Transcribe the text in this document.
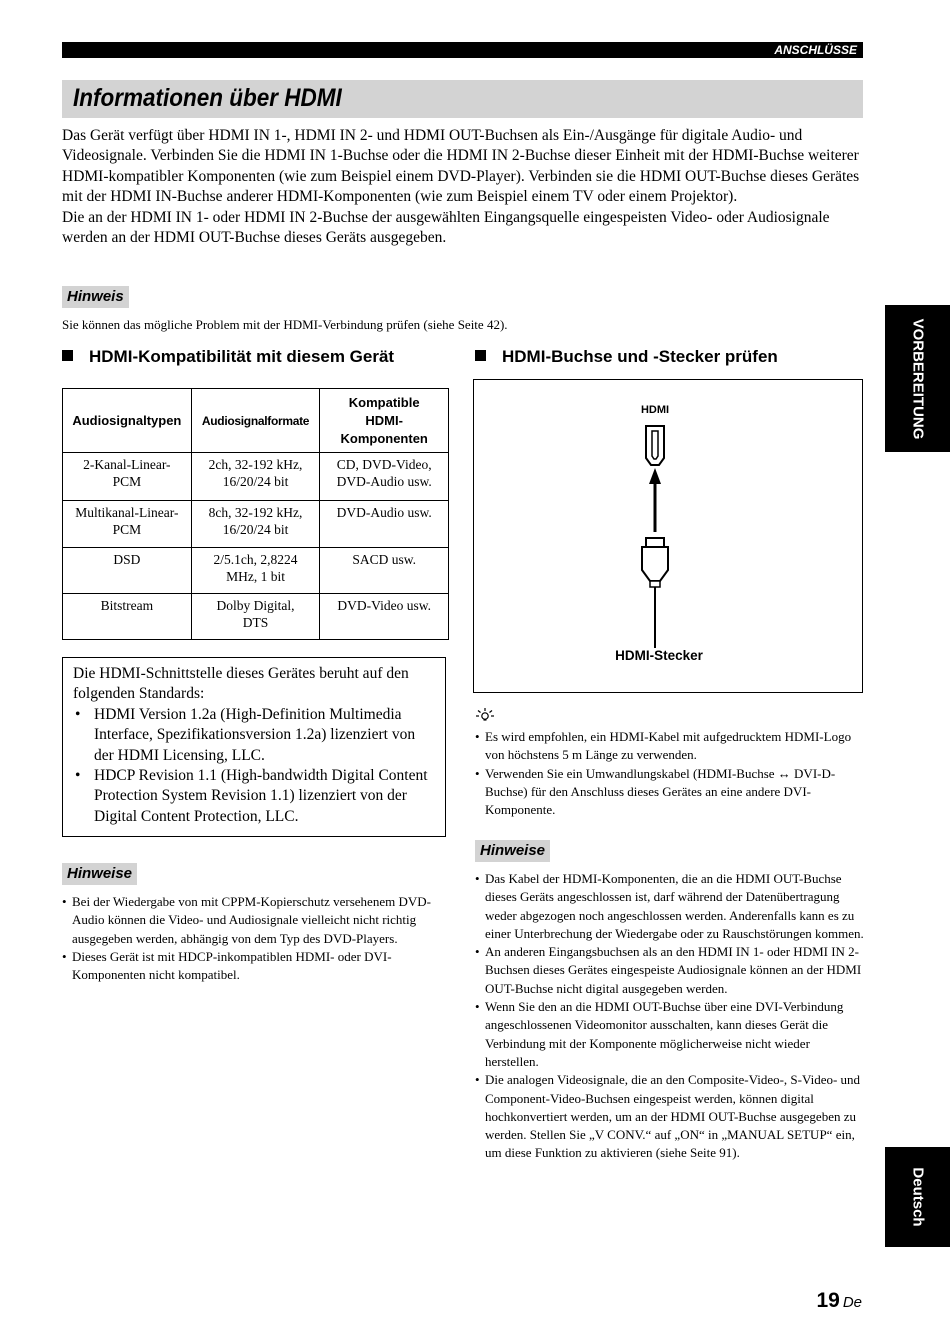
ANSCHLÜSSE
Informationen über HDMI

Das Gerät verfügt über HDMI IN 1-, HDMI IN 2- und HDMI OUT-Buchsen als Ein-/Ausgänge für digitale Audio- und Videosignale. Verbinden Sie die HDMI IN 1-Buchse oder die HDMI IN 2-Buchse dieser Einheit mit der HDMI-Buchse weiterer HDMI-kompatibler Komponenten (wie zum Beispiel einem DVD-Player). Verbinden sie die HDMI OUT-Buchse dieses Gerätes mit der HDMI IN-Buchse anderer HDMI-Komponenten (wie zum Beispiel einem TV oder einem Projektor).

Die an der HDMI IN 1- oder HDMI IN 2-Buchse der ausgewählten Eingangsquelle eingespeisten Video- oder Audiosignale werden an der HDMI OUT-Buchse dieses Geräts ausgegeben.

Hinweis
Sie können das mögliche Problem mit der HDMI-Verbindung prüfen (siehe Seite 42).
HDMI-Kompatibilität mit diesem Gerät
Audiosignaltypen	Audiosignalformate	Kompatible HDMI-Komponenten
2-Kanal-Linear-PCM	2ch, 32-192 kHz, 16/20/24 bit	CD, DVD-Video, DVD-Audio usw.
Multikanal-Linear-PCM	8ch, 32-192 kHz, 16/20/24 bit	DVD-Audio usw.
DSD	2/5.1ch, 2,8224 MHz, 1 bit	SACD usw.
Bitstream	Dolby Digital, DTS	DVD-Video usw.
Die HDMI-Schnittstelle dieses Gerätes beruht auf den folgenden Standards:
• HDMI Version 1.2a (High-Definition Multimedia Interface, Spezifikationsversion 1.2a) lizenziert von der HDMI Licensing, LLC.
• HDCP Revision 1.1 (High-bandwidth Digital Content Protection System Revision 1.1) lizenziert von der Digital Content Protection, LLC.
Hinweise
• Bei der Wiedergabe von mit CPPM-Kopierschutz versehenem DVD-Audio können die Video- und Audiosignale vielleicht nicht richtig ausgegeben werden, abhängig von dem Typ des DVD-Players.
• Dieses Gerät ist mit HDCP-inkompatiblen HDMI- oder DVI-Komponenten nicht kompatibel.
HDMI-Buchse und -Stecker prüfen
HDMI
HDMI-Stecker
• Es wird empfohlen, ein HDMI-Kabel mit aufgedrucktem HDMI-Logo von höchstens 5 m Länge zu verwenden.
• Verwenden Sie ein Umwandlungskabel (HDMI-Buchse ↔ DVI-D-Buchse) für den Anschluss dieses Gerätes an eine andere DVI-Komponente.
Hinweise
• Das Kabel der HDMI-Komponenten, die an die HDMI OUT-Buchse dieses Geräts angeschlossen ist, darf während der Datenübertragung weder abgezogen noch angeschlossen werden. Anderenfalls kann es zu einer Unterbrechung der Wiedergabe oder zu Rauschstörungen kommen.
• An anderen Eingangsbuchsen als an den HDMI IN 1- oder HDMI IN 2-Buchsen dieses Gerätes eingespeiste Audiosignale können an der HDMI OUT-Buchse nicht digital ausgegeben werden.
• Wenn Sie den an die HDMI OUT-Buchse über eine DVI-Verbindung angeschlossenen Videomonitor ausschalten, kann dieses Gerät die Verbindung mit der Komponente möglicherweise nicht wieder herstellen.
• Die analogen Videosignale, die an den Composite-Video-, S-Video- und Component-Video-Buchsen eingespeist werden, können digital hochkonvertiert werden, um an der HDMI OUT-Buchse ausgegeben zu werden. Stellen Sie „V CONV.“ auf „ON“ in „MANUAL SETUP“ ein, um diese Funktion zu aktivieren (siehe Seite 91).
VORBEREITUNG
Deutsch
19 De
